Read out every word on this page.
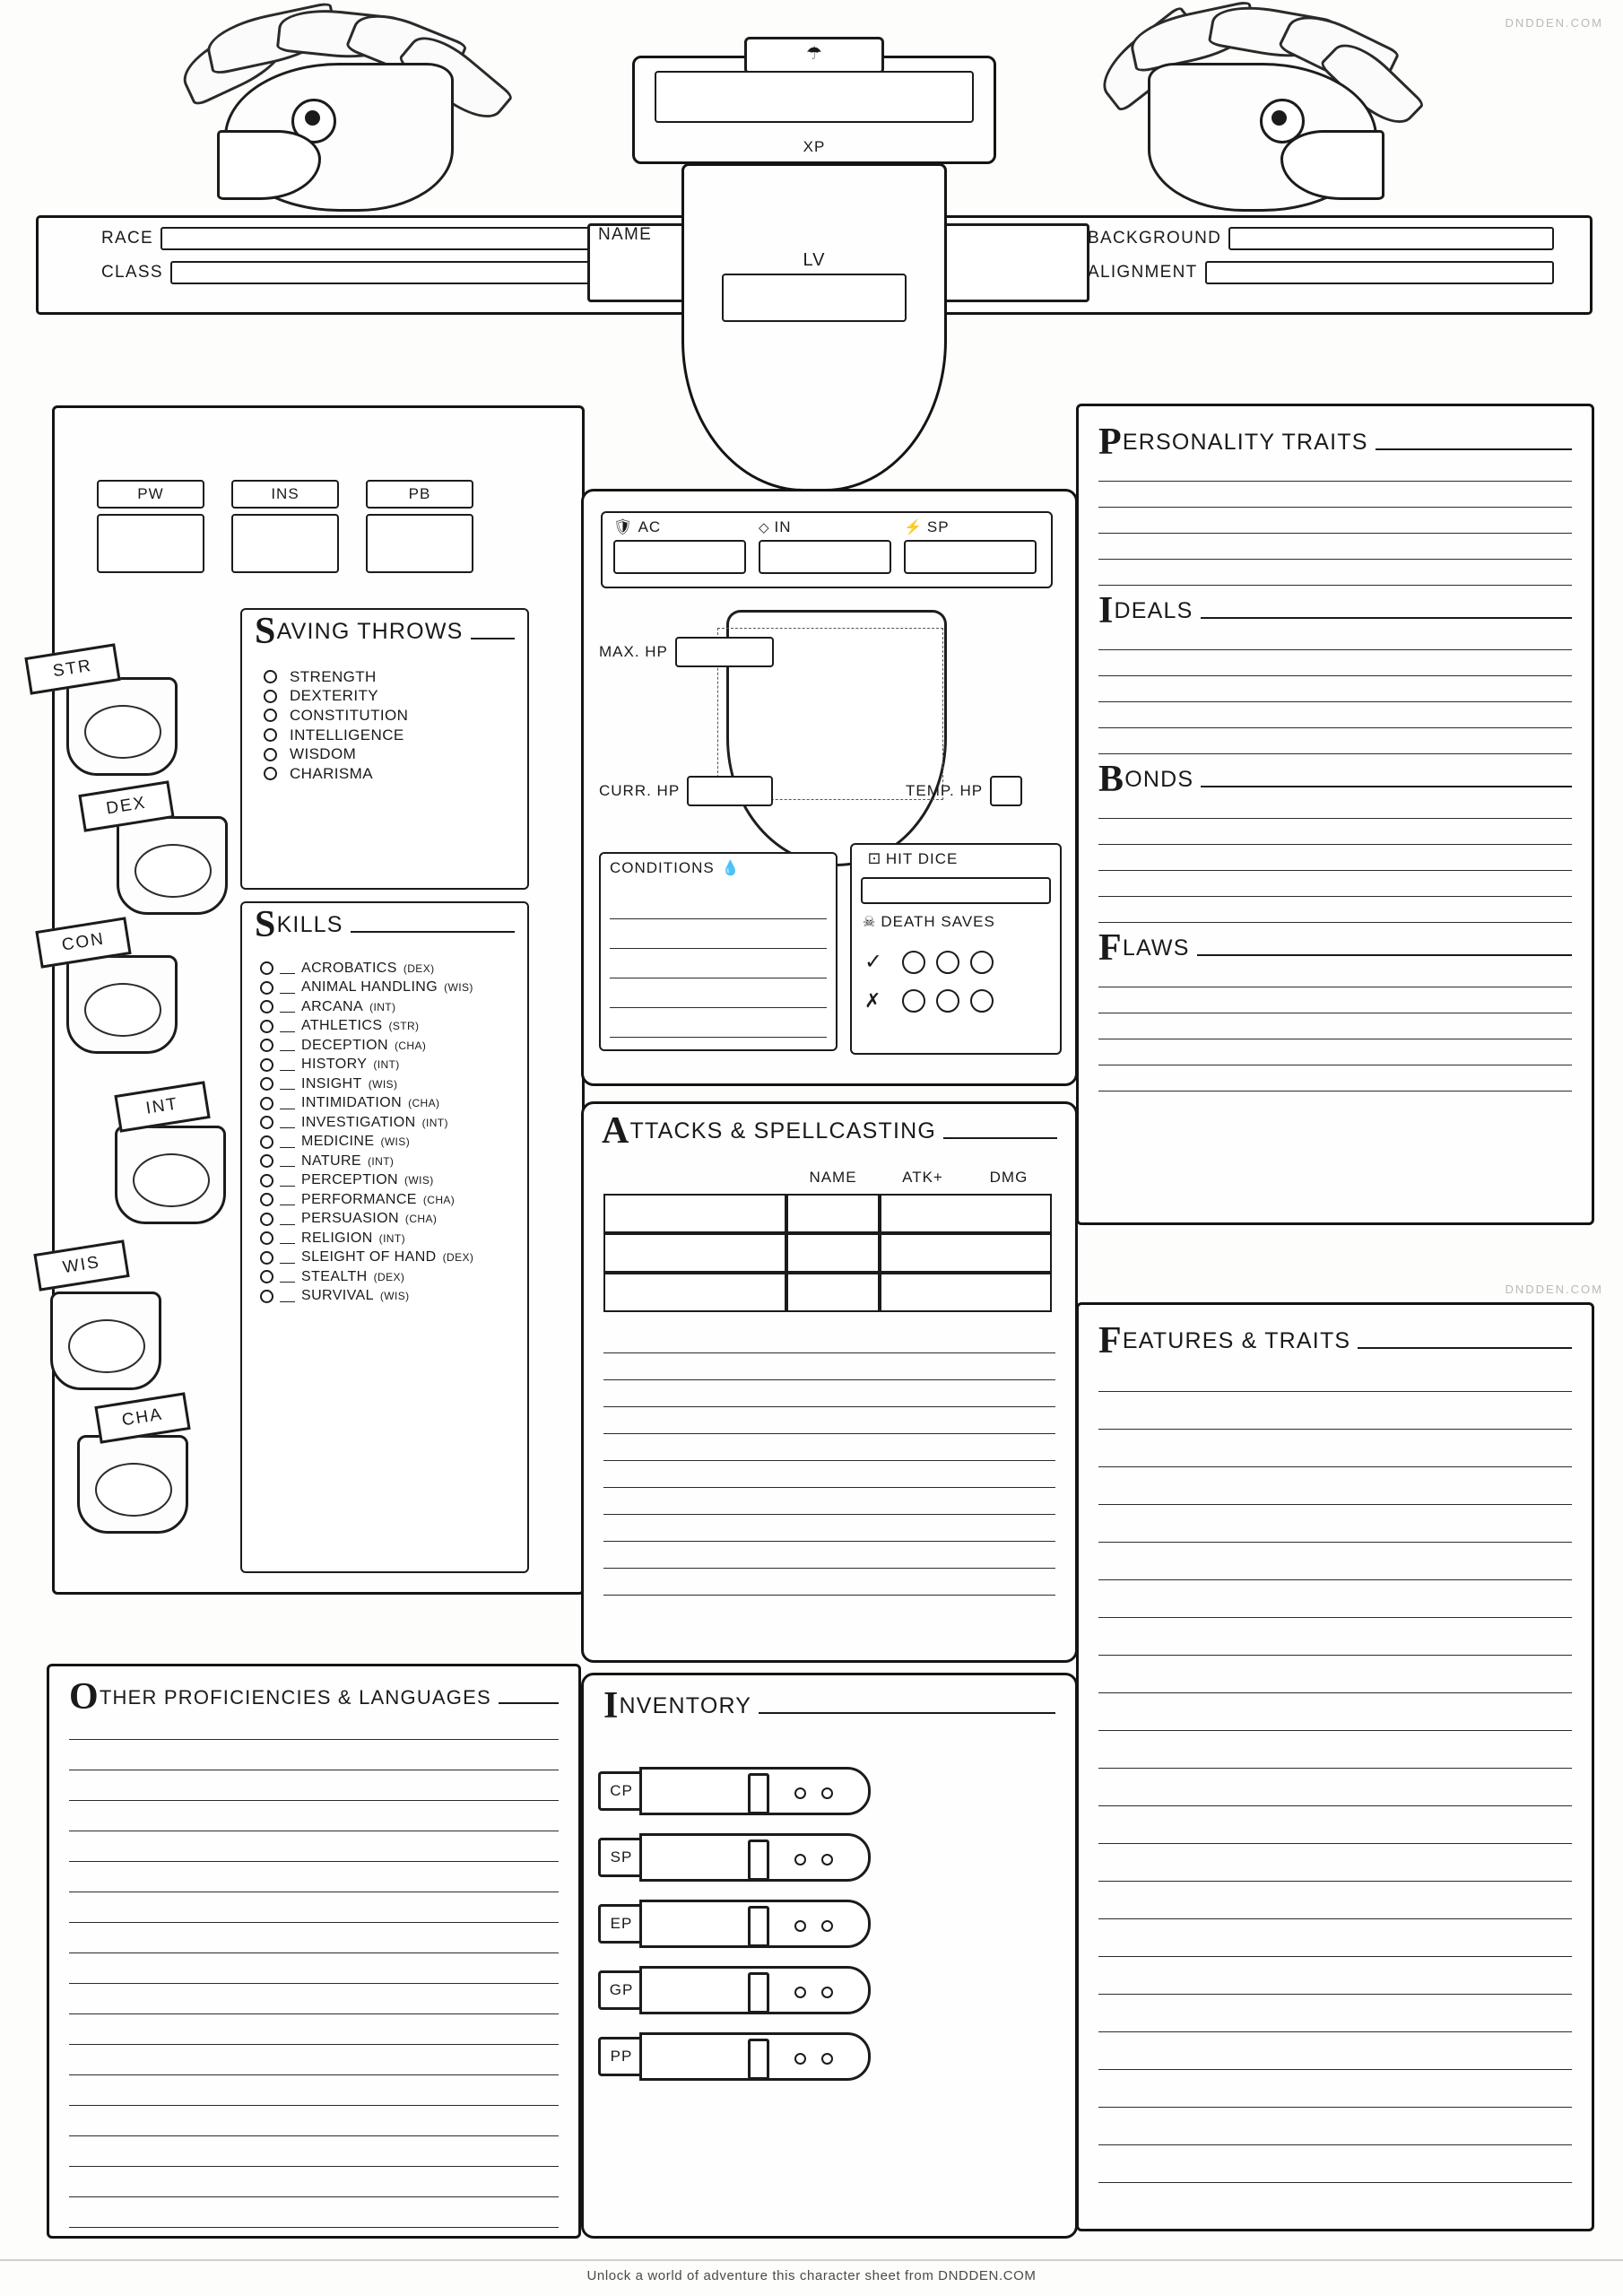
DNDDEN.COM
☂
XP
LV
RACE
CLASS
NAME	BACKGROUND
ALIGNMENT
PW	INS	PB
STR
DEX
CON
INT
WIS
CHA
SAVING THROWS
STRENGTH
DEXTERITY
CONSTITUTION
INTELLIGENCE
WISDOM
CHARISMA
SKILLS
ACROBATICS (DEX)
ANIMAL HANDLING (WIS)
ARCANA (INT)
ATHLETICS (STR)
DECEPTION (CHA)
HISTORY (INT)
INSIGHT (WIS)
INTIMIDATION (CHA)
INVESTIGATION (INT)
MEDICINE (WIS)
NATURE (INT)
PERCEPTION (WIS)
PERFORMANCE (CHA)
PERSUASION (CHA)
RELIGION (INT)
SLEIGHT OF HAND (DEX)
STEALTH (DEX)
SURVIVAL (WIS)
🛡 AC	◇ IN	⚡ SP
MAX. HP
CURR. HP	TEMP. HP
CONDITIONS 💧
⚀ HIT DICE
☠ DEATH SAVES
✓
✗
ATTACKS & SPELLCASTING
NAME	ATK+	DMG
PERSONALITY TRAITS
IDEALS
BONDS
FLAWS
DNDDEN.COM
FEATURES & TRAITS
OTHER PROFICIENCIES & LANGUAGES	INVENTORY
CP
SP
EP
GP
PP
Unlock a world of adventure this character sheet from DNDDEN.COM
